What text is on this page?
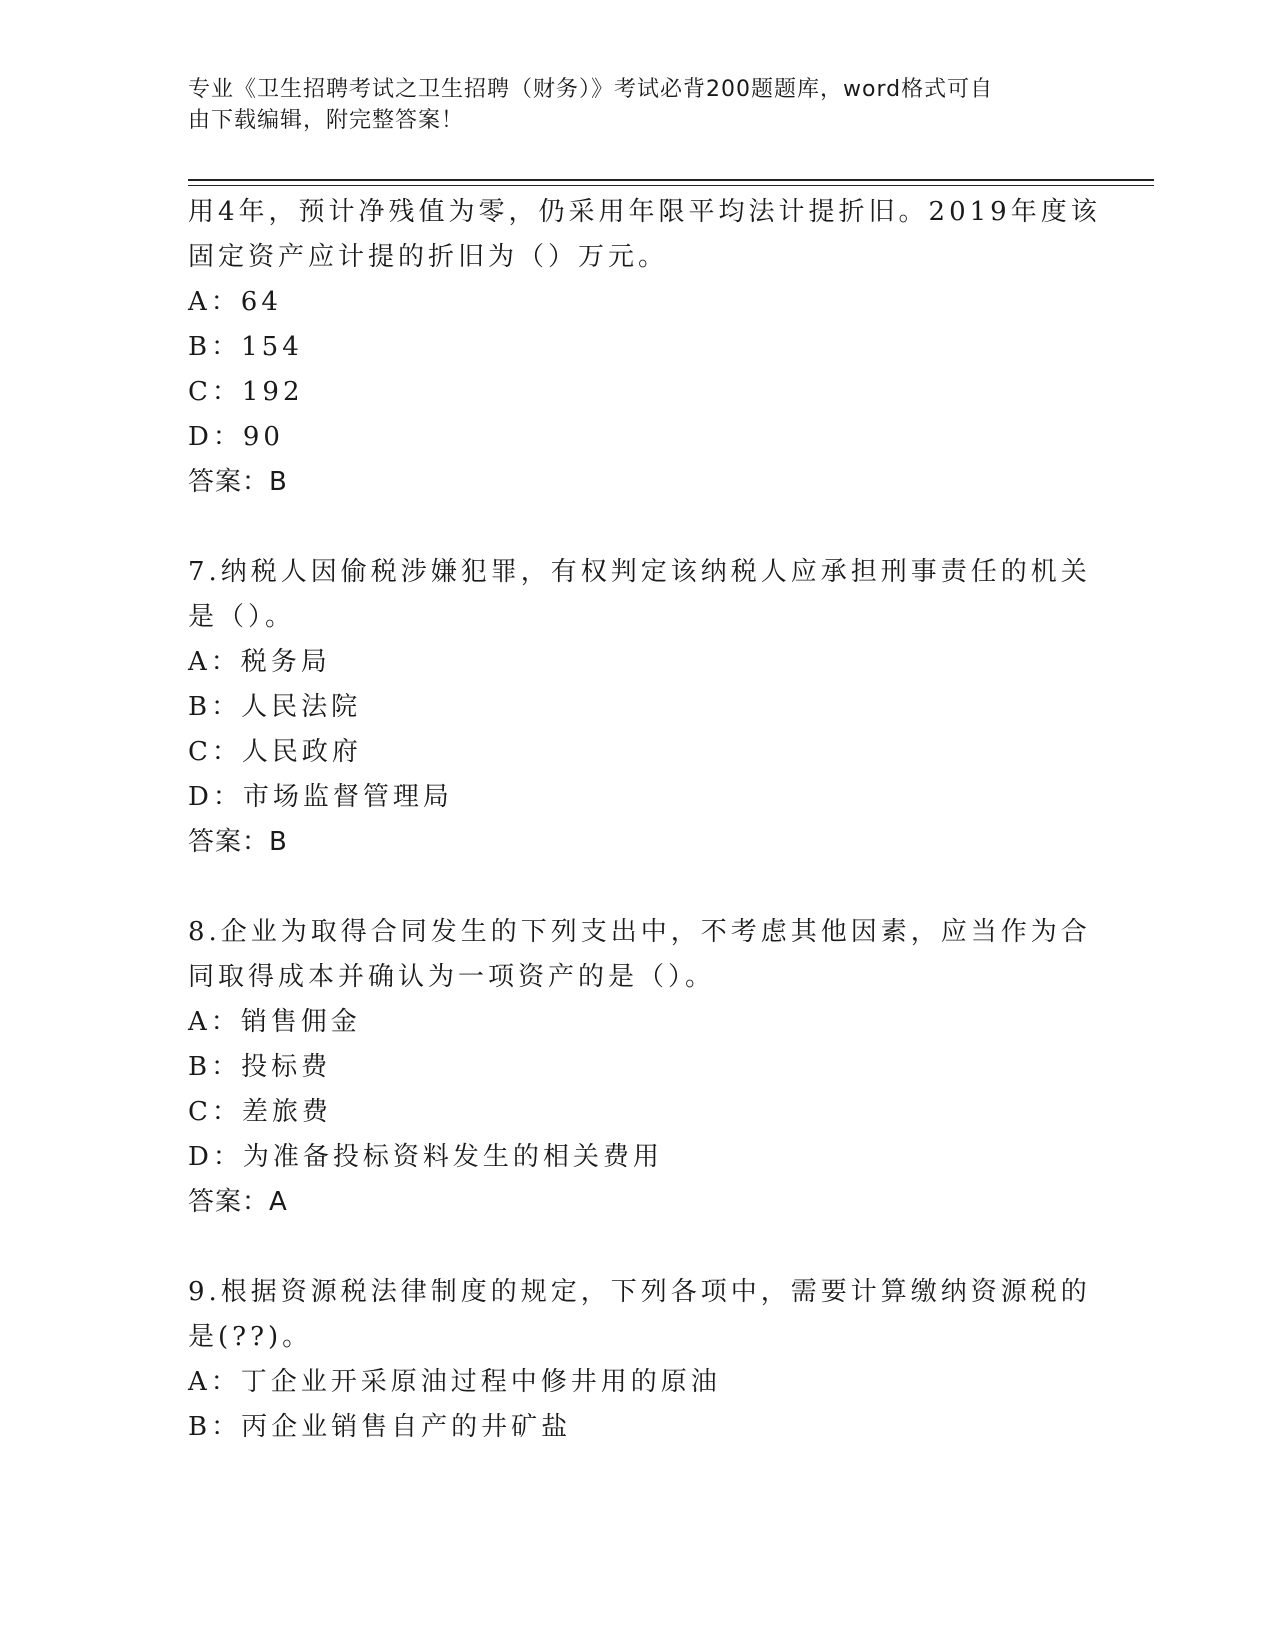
专业《卫生招聘考试之卫生招聘（财务）》考试必背200题题库，word格式可自
由下载编辑，附完整答案！
用4年，预计净残值为零，仍采用年限平均法计提折旧。2019年度该
固定资产应计提的折旧为（）万元。
A：64
B：154
C：192
D：90
答案：B
7.纳税人因偷税涉嫌犯罪，有权判定该纳税人应承担刑事责任的机关
是（）。
A：税务局
B：人民法院
C：人民政府
D：市场监督管理局
答案：B
8.企业为取得合同发生的下列支出中，不考虑其他因素，应当作为合
同取得成本并确认为一项资产的是（）。
A：销售佣金
B：投标费
C：差旅费
D：为准备投标资料发生的相关费用
答案：A
9.根据资源税法律制度的规定，下列各项中，需要计算缴纳资源税的
是(??)。
A：丁企业开采原油过程中修井用的原油
B：丙企业销售自产的井矿盐
